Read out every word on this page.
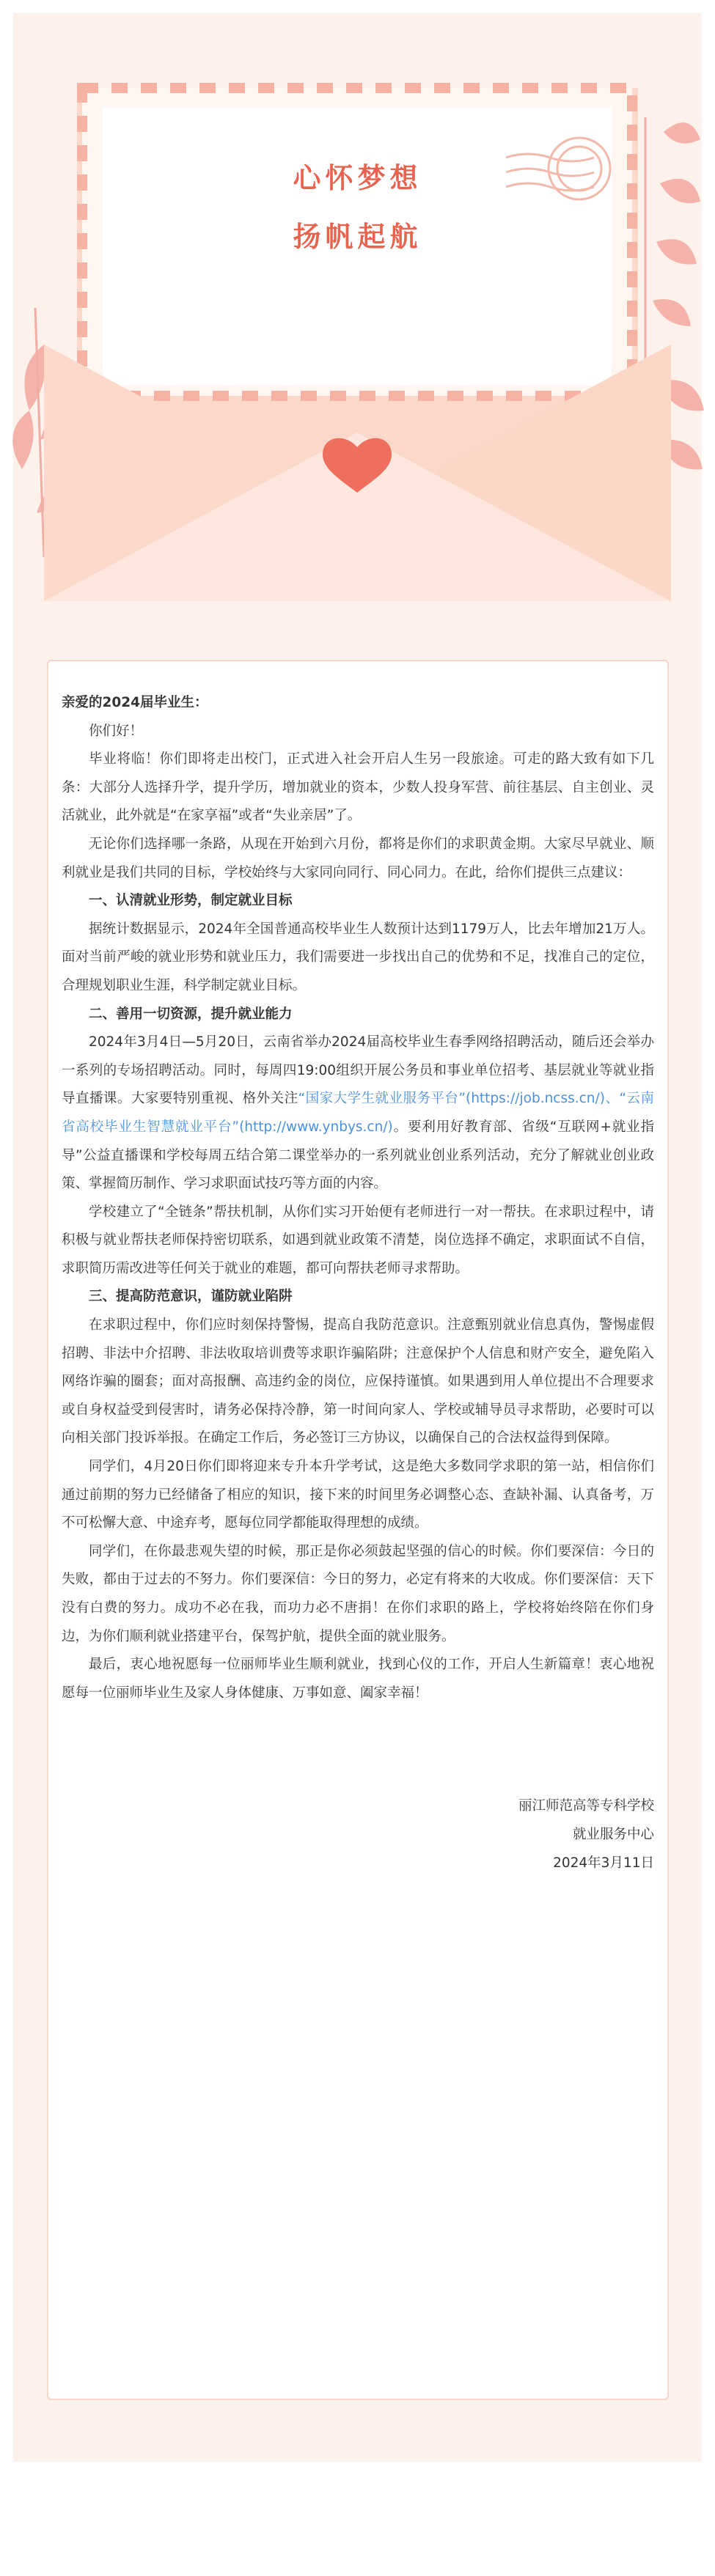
心怀梦想
扬帆起航

亲爱的2024届毕业生：

你们好！

毕业将临！你们即将走出校门，正式进入社会开启人生另一段旅途。可走的路大致有如下几条：大部分人选择升学，提升学历，增加就业的资本，少数人投身军营、前往基层、自主创业、灵活就业，此外就是“在家享福”或者“失业亲居”了。

无论你们选择哪一条路，从现在开始到六月份，都将是你们的求职黄金期。大家尽早就业、顺利就业是我们共同的目标，学校始终与大家同向同行、同心同力。在此，给你们提供三点建议：

一、认清就业形势，制定就业目标

据统计数据显示，2024年全国普通高校毕业生人数预计达到1179万人，比去年增加21万人。面对当前严峻的就业形势和就业压力，我们需要进一步找出自己的优势和不足，找准自己的定位，合理规划职业生涯，科学制定就业目标。

二、善用一切资源，提升就业能力

2024年3月4日—5月20日，云南省举办2024届高校毕业生春季网络招聘活动，随后还会举办一系列的专场招聘活动。同时，每周四19:00组织开展公务员和事业单位招考、基层就业等就业指导直播课。大家要特别重视、格外关注“国家大学生就业服务平台”(https://job.ncss.cn/)、“云南省高校毕业生智慧就业平台”(http://www.ynbys.cn/)。要利用好教育部、省级“互联网+就业指导”公益直播课和学校每周五结合第二课堂举办的一系列就业创业系列活动，充分了解就业创业政策、掌握简历制作、学习求职面试技巧等方面的内容。

学校建立了“全链条”帮扶机制，从你们实习开始便有老师进行一对一帮扶。在求职过程中，请积极与就业帮扶老师保持密切联系，如遇到就业政策不清楚，岗位选择不确定，求职面试不自信，求职简历需改进等任何关于就业的难题，都可向帮扶老师寻求帮助。

三、提高防范意识，谨防就业陷阱

在求职过程中，你们应时刻保持警惕，提高自我防范意识。注意甄别就业信息真伪，警惕虚假招聘、非法中介招聘、非法收取培训费等求职诈骗陷阱；注意保护个人信息和财产安全，避免陷入网络诈骗的圈套；面对高报酬、高违约金的岗位，应保持谨慎。如果遇到用人单位提出不合理要求或自身权益受到侵害时，请务必保持冷静，第一时间向家人、学校或辅导员寻求帮助，必要时可以向相关部门投诉举报。在确定工作后，务必签订三方协议，以确保自己的合法权益得到保障。

同学们，4月20日你们即将迎来专升本升学考试，这是绝大多数同学求职的第一站，相信你们通过前期的努力已经储备了相应的知识，接下来的时间里务必调整心态、查缺补漏、认真备考，万不可松懈大意、中途弃考，愿每位同学都能取得理想的成绩。

同学们，在你最悲观失望的时候，那正是你必须鼓起坚强的信心的时候。你们要深信：今日的失败，都由于过去的不努力。你们要深信：今日的努力，必定有将来的大收成。你们要深信：天下没有白费的努力。成功不必在我，而功力必不唐捐！在你们求职的路上，学校将始终陪在你们身边，为你们顺利就业搭建平台，保驾护航，提供全面的就业服务。

最后，衷心地祝愿每一位丽师毕业生顺利就业，找到心仪的工作，开启人生新篇章！衷心地祝愿每一位丽师毕业生及家人身体健康、万事如意、阖家幸福！

丽江师范高等专科学校

就业服务中心

2024年3月11日
